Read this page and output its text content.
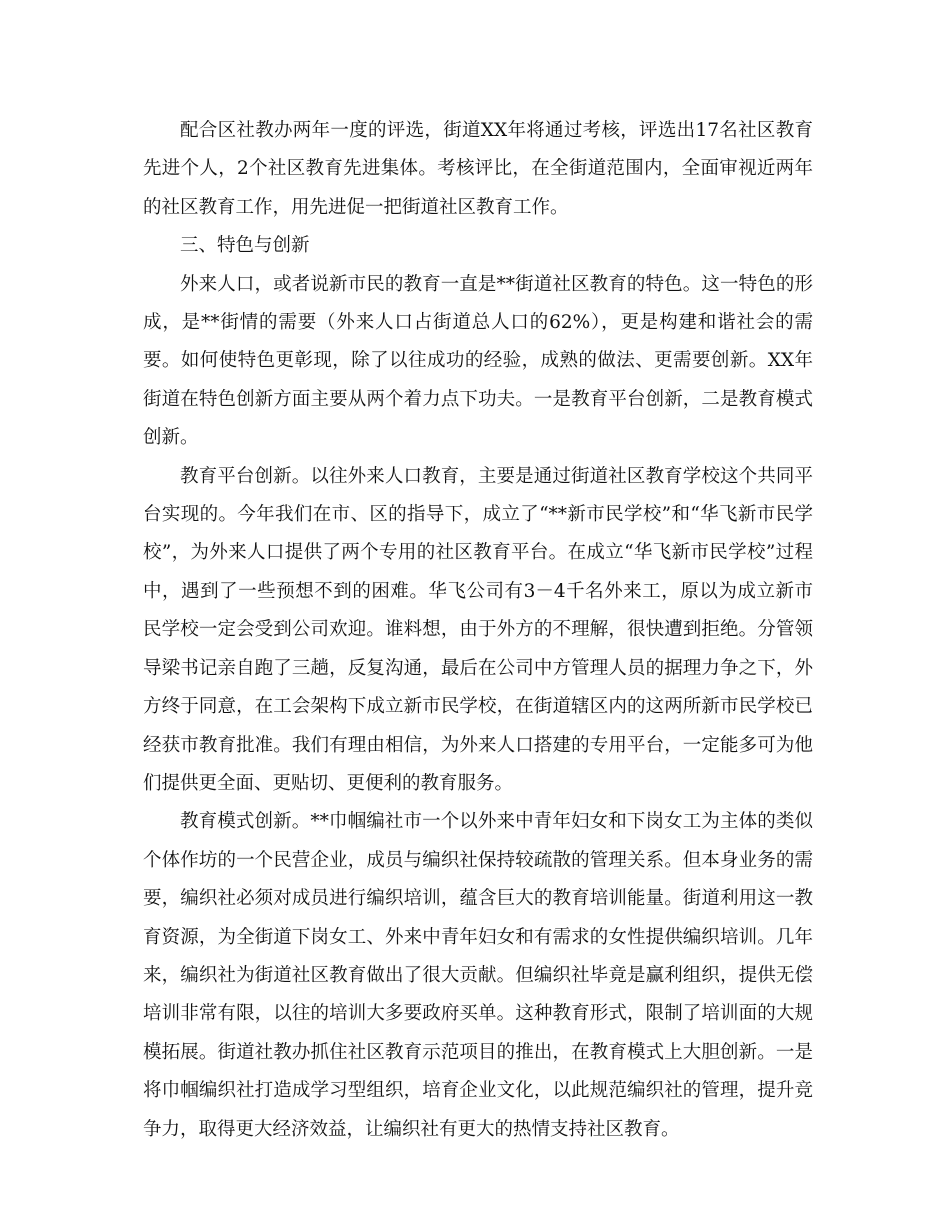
配合区社教办两年一度的评选，街道XX年将通过考核，评选出17名社区教育先进个人，2个社区教育先进集体。考核评比，在全街道范围内，全面审视近两年的社区教育工作，用先进促一把街道社区教育工作。

三、特色与创新

外来人口，或者说新市民的教育一直是**街道社区教育的特色。这一特色的形成，是**街情的需要（外来人口占街道总人口的62%），更是构建和谐社会的需要。如何使特色更彰现，除了以往成功的经验，成熟的做法、更需要创新。XX年街道在特色创新方面主要从两个着力点下功夫。一是教育平台创新，二是教育模式创新。

教育平台创新。以往外来人口教育，主要是通过街道社区教育学校这个共同平台实现的。今年我们在市、区的指导下，成立了“**新市民学校”和“华飞新市民学校”，为外来人口提供了两个专用的社区教育平台。在成立“华飞新市民学校”过程中，遇到了一些预想不到的困难。华飞公司有3－4千名外来工，原以为成立新市民学校一定会受到公司欢迎。谁料想，由于外方的不理解，很快遭到拒绝。分管领导梁书记亲自跑了三趟，反复沟通，最后在公司中方管理人员的据理力争之下，外方终于同意，在工会架构下成立新市民学校，在街道辖区内的这两所新市民学校已经获市教育批准。我们有理由相信，为外来人口搭建的专用平台，一定能多可为他们提供更全面、更贴切、更便利的教育服务。

教育模式创新。**巾帼编社市一个以外来中青年妇女和下岗女工为主体的类似个体作坊的一个民营企业，成员与编织社保持较疏散的管理关系。但本身业务的需要，编织社必须对成员进行编织培训，蕴含巨大的教育培训能量。街道利用这一教育资源，为全街道下岗女工、外来中青年妇女和有需求的女性提供编织培训。几年来，编织社为街道社区教育做出了很大贡献。但编织社毕竟是赢利组织，提供无偿培训非常有限，以往的培训大多要政府买单。这种教育形式，限制了培训面的大规模拓展。街道社教办抓住社区教育示范项目的推出，在教育模式上大胆创新。一是将巾帼编织社打造成学习型组织，培育企业文化，以此规范编织社的管理，提升竞争力，取得更大经济效益，让编织社有更大的热情支持社区教育。
